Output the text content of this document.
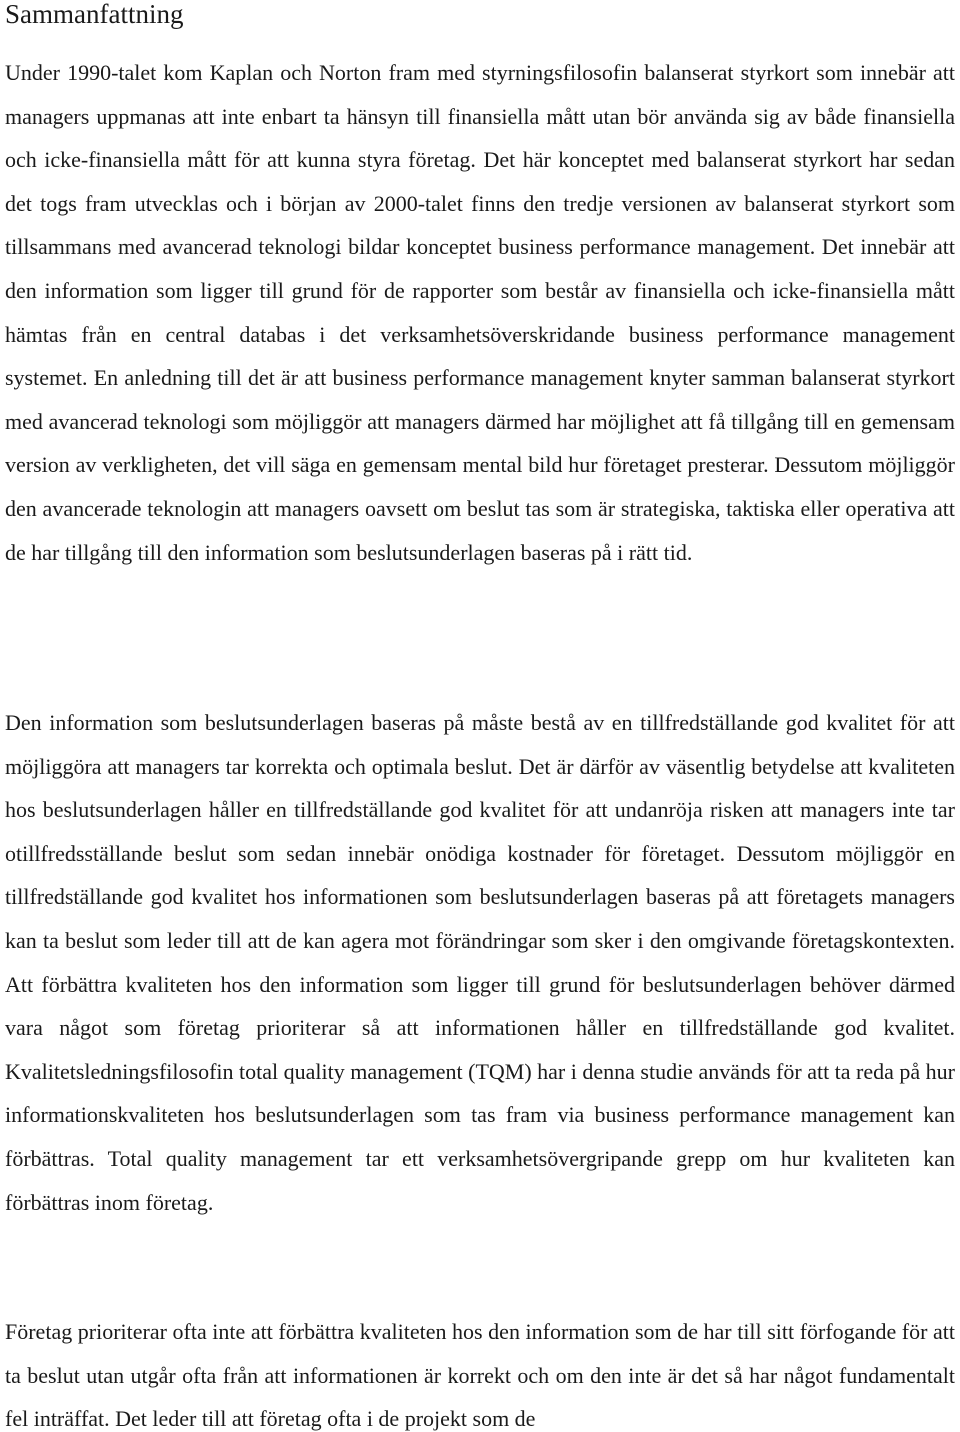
Sammanfattning

Under 1990-talet kom Kaplan och Norton fram med styrningsfilosofin balanserat styrkort som innebär att managers uppmanas att inte enbart ta hänsyn till finansiella mått utan bör använda sig av både finansiella och icke-finansiella mått för att kunna styra företag. Det här konceptet med balanserat styrkort har sedan det togs fram utvecklas och i början av 2000-talet finns den tredje versionen av balanserat styrkort som tillsammans med avancerad teknologi bildar konceptet business performance management. Det innebär att den information som ligger till grund för de rapporter som består av finansiella och icke-finansiella mått hämtas från en central databas i det verksamhetsöverskridande business performance management systemet. En anledning till det är att business performance management knyter samman balanserat styrkort med avancerad teknologi som möjliggör att managers därmed har möjlighet att få tillgång till en gemensam version av verkligheten, det vill säga en gemensam mental bild hur företaget presterar. Dessutom möjliggör den avancerade teknologin att managers oavsett om beslut tas som är strategiska, taktiska eller operativa att de har tillgång till den information som beslutsunderlagen baseras på i rätt tid.

Den information som beslutsunderlagen baseras på måste bestå av en tillfredställande god kvalitet för att möjliggöra att managers tar korrekta och optimala beslut. Det är därför av väsentlig betydelse att kvaliteten hos beslutsunderlagen håller en tillfredställande god kvalitet för att undanröja risken att managers inte tar otillfredsställande beslut som sedan innebär onödiga kostnader för företaget. Dessutom möjliggör en tillfredställande god kvalitet hos informationen som beslutsunderlagen baseras på att företagets managers kan ta beslut som leder till att de kan agera mot förändringar som sker i den omgivande företagskontexten. Att förbättra kvaliteten hos den information som ligger till grund för beslutsunderlagen behöver därmed vara något som företag prioriterar så att informationen håller en tillfredställande god kvalitet. Kvalitetsledningsfilosofin total quality management (TQM) har i denna studie används för att ta reda på hur informationskvaliteten hos beslutsunderlagen som tas fram via business performance management kan förbättras. Total quality management tar ett verksamhetsövergripande grepp om hur kvaliteten kan förbättras inom företag.

Företag prioriterar ofta inte att förbättra kvaliteten hos den information som de har till sitt förfogande för att ta beslut utan utgår ofta från att informationen är korrekt och om den inte är det så har något fundamentalt fel inträffat. Det leder till att företag ofta i de projekt som de
